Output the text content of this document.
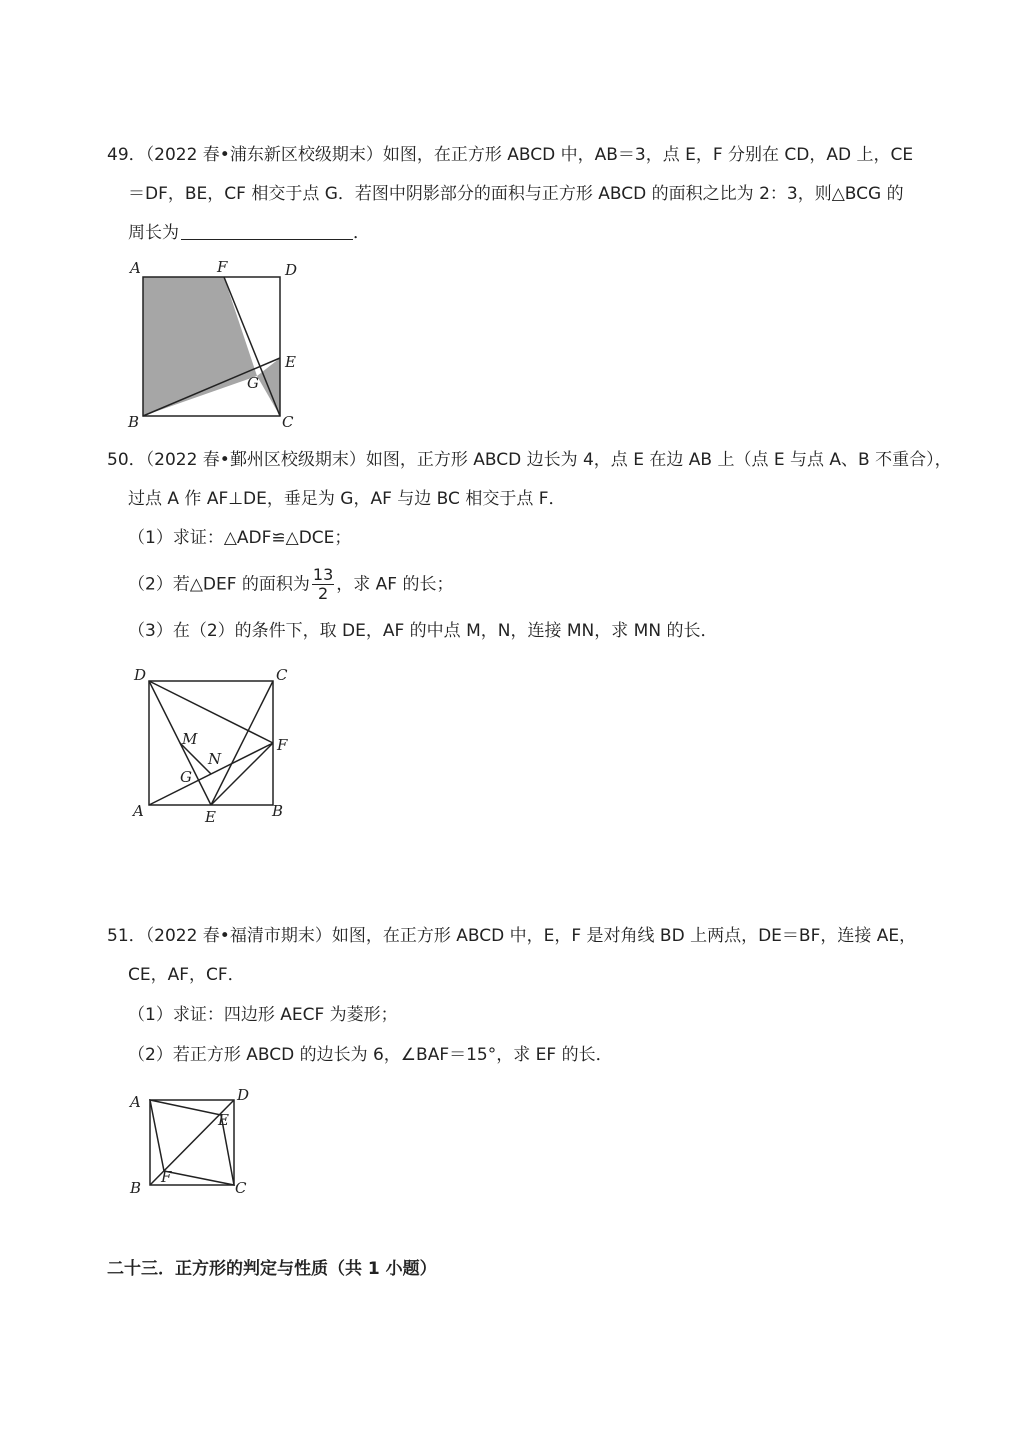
49．（2022 春•浦东新区校级期末）如图，在正方形 ABCD 中，AB＝3，点 E，F 分别在 CD，AD 上，CE
＝DF，BE，CF 相交于点 G．若图中阴影部分的面积与正方形 ABCD 的面积之比为 2：3，则△BCG 的
周长为	．
A	F	D
E
G
B	C
50．（2022 春•鄞州区校级期末）如图，正方形 ABCD 边长为 4，点 E 在边 AB 上（点 E 与点 A、B 不重合），
过点 A 作 AF⊥DE，垂足为 G，AF 与边 BC 相交于点 F．
（1）求证：△ADF≌△DCE；
（2）若△DEF 的面积为 $\frac{13}{2}$ ，求 AF 的长；
（3）在（2）的条件下，取 DE，AF 的中点 M，N，连接 MN，求 MN 的长．
D	C
M	F
N
G
A	E	B
51．（2022 春•福清市期末）如图，在正方形 ABCD 中，E，F 是对角线 BD 上两点，DE＝BF，连接 AE，
CE，AF，CF．
（1）求证：四边形 AECF 为菱形；
（2）若正方形 ABCD 的边长为 6，∠BAF＝15°，求 EF 的长．
A	D
E
F
B	C
二十三．正方形的判定与性质（共 1 小题）
